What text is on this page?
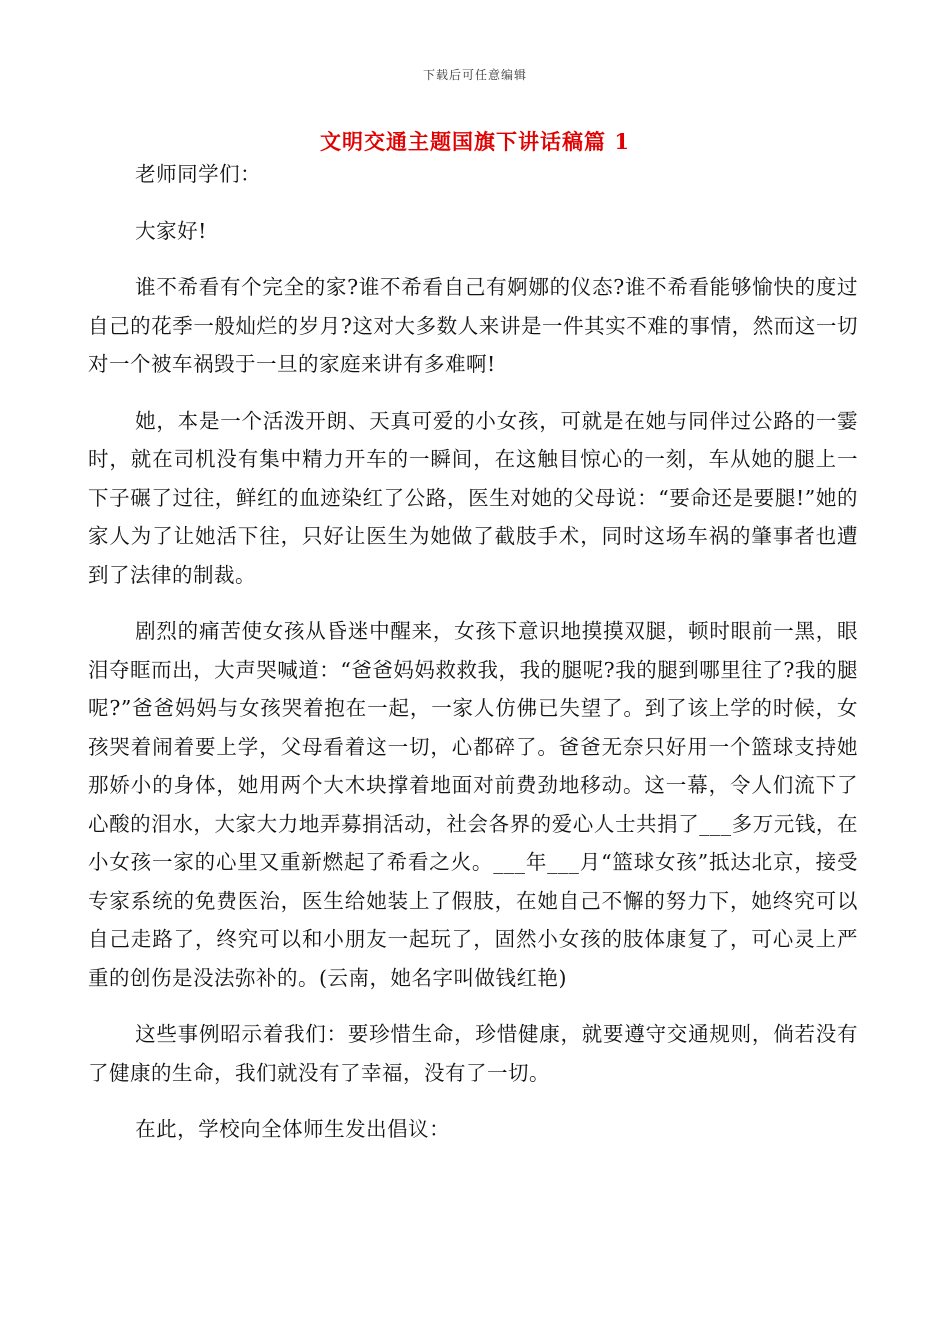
下载后可任意编辑
文明交通主题国旗下讲话稿篇 1

老师同学们：

大家好!

谁不希看有个完全的家?谁不希看自己有婀娜的仪态?谁不希看能够愉快的度过自己的花季一般灿烂的岁月?这对大多数人来讲是一件其实不难的事情，然而这一切对一个被车祸毁于一旦的家庭来讲有多难啊!

她，本是一个活泼开朗、天真可爱的小女孩，可就是在她与同伴过公路的一霎时，就在司机没有集中精力开车的一瞬间，在这触目惊心的一刻，车从她的腿上一下子碾了过往，鲜红的血迹染红了公路，医生对她的父母说：“要命还是要腿!”她的家人为了让她活下往，只好让医生为她做了截肢手术，同时这场车祸的肇事者也遭到了法律的制裁。

剧烈的痛苦使女孩从昏迷中醒来，女孩下意识地摸摸双腿，顿时眼前一黑，眼泪夺眶而出，大声哭喊道：“爸爸妈妈救救我，我的腿呢?我的腿到哪里往了?我的腿呢?”爸爸妈妈与女孩哭着抱在一起，一家人仿佛已失望了。到了该上学的时候，女孩哭着闹着要上学，父母看着这一切，心都碎了。爸爸无奈只好用一个篮球支持她那娇小的身体，她用两个大木块撑着地面对前费劲地移动。这一幕，令人们流下了心酸的泪水，大家大力地弄募捐活动，社会各界的爱心人士共捐了___多万元钱，在小女孩一家的心里又重新燃起了希看之火。___年___月“篮球女孩”抵达北京，接受专家系统的免费医治，医生给她装上了假肢，在她自己不懈的努力下，她终究可以自己走路了，终究可以和小朋友一起玩了，固然小女孩的肢体康复了，可心灵上严重的创伤是没法弥补的。(云南，她名字叫做钱红艳)

这些事例昭示着我们：要珍惜生命，珍惜健康，就要遵守交通规则，倘若没有了健康的生命，我们就没有了幸福，没有了一切。

在此，学校向全体师生发出倡议：
